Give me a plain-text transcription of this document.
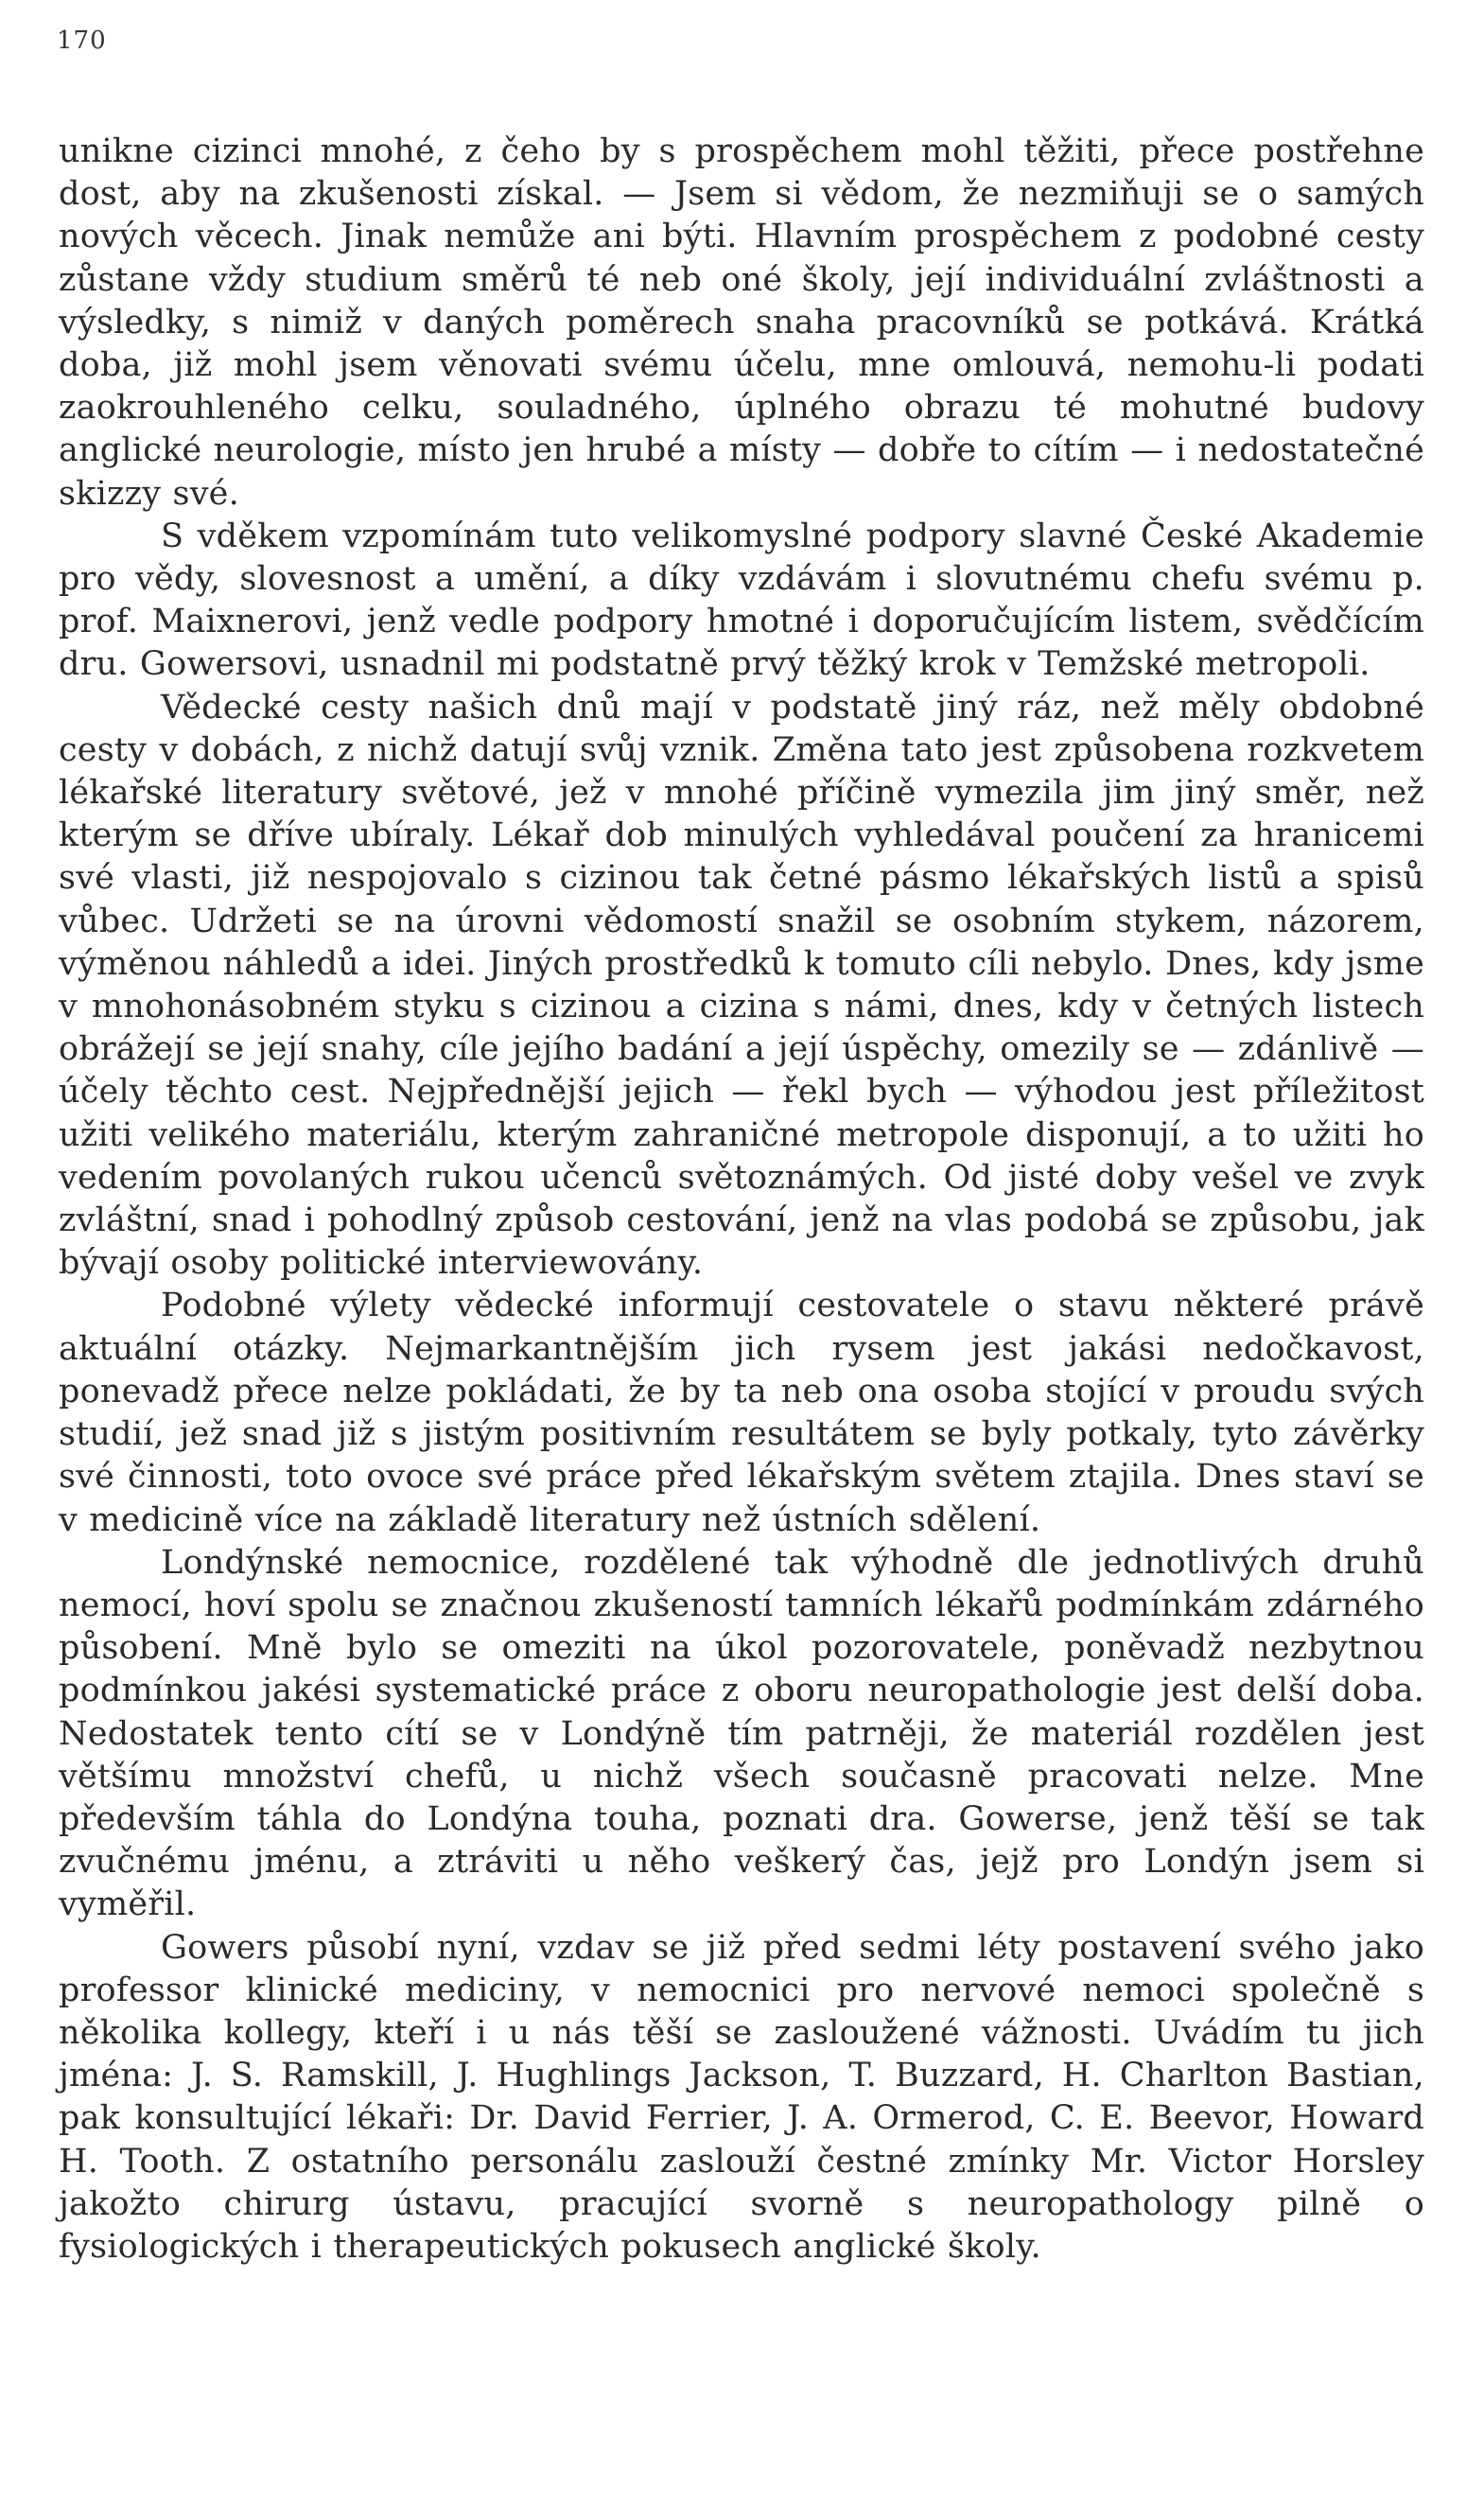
170

unikne cizinci mnohé, z čeho by s prospěchem mohl těžiti, přece postřehne dost, aby na zkušenosti získal. — Jsem si vědom, že nezmiňuji se o samých nových věcech. Jinak nemůže ani býti. Hlavním prospěchem z podobné cesty zůstane vždy studium směrů té neb oné školy, její individuální zvláštnosti a výsledky, s nimiž v daných poměrech snaha pracovníků se potkává. Krátká doba, již mohl jsem věnovati svému účelu, mne omlouvá, nemohu-li podati zaokrouhleného celku, souladného, úplného obrazu té mohutné budovy anglické neurologie, místo jen hrubé a místy — dobře to cítím — i nedostatečné skizzy své.

S vděkem vzpomínám tuto velikomyslné podpory slavné České Akademie pro vědy, slovesnost a umění, a díky vzdávám i slovutnému chefu svému p. prof. Maixnerovi, jenž vedle podpory hmotné i doporučujícím listem, svědčícím dru. Gowersovi, usnadnil mi podstatně prvý těžký krok v Temžské metropoli.

Vědecké cesty našich dnů mají v podstatě jiný ráz, než měly obdobné cesty v dobách, z nichž datují svůj vznik. Změna tato jest způsobena rozkvetem lékařské literatury světové, jež v mnohé příčině vymezila jim jiný směr, než kterým se dříve ubíraly. Lékař dob minulých vyhledával poučení za hranicemi své vlasti, již nespojovalo s cizinou tak četné pásmo lékařských listů a spisů vůbec. Udržeti se na úrovni vědomostí snažil se osobním stykem, názorem, výměnou náhledů a idei. Jiných prostředků k tomuto cíli nebylo. Dnes, kdy jsme v mnohonásobném styku s cizinou a cizina s námi, dnes, kdy v četných listech obrážejí se její snahy, cíle jejího badání a její úspěchy, omezily se — zdánlivě — účely těchto cest. Nejpřednější jejich — řekl bych — výhodou jest příležitost užiti velikého materiálu, kterým zahraničné metropole disponují, a to užiti ho vedením povolaných rukou učenců světoznámých. Od jisté doby vešel ve zvyk zvláštní, snad i pohodlný způsob cestování, jenž na vlas podobá se způsobu, jak bývají osoby politické interviewovány.

Podobné výlety vědecké informují cestovatele o stavu některé právě aktuální otázky. Nejmarkantnějším jich rysem jest jakási nedočkavost, ponevadž přece nelze pokládati, že by ta neb ona osoba stojící v proudu svých studií, jež snad již s jistým positivním resultátem se byly potkaly, tyto závěrky své činnosti, toto ovoce své práce před lékařským světem ztajila. Dnes staví se v medicině více na základě literatury než ústních sdělení.

Londýnské nemocnice, rozdělené tak výhodně dle jednotlivých druhů nemocí, hoví spolu se značnou zkušeností tamních lékařů podmínkám zdárného působení. Mně bylo se omeziti na úkol pozorovatele, poněvadž nezbytnou podmínkou jakési systematické práce z oboru neuropathologie jest delší doba. Nedostatek tento cítí se v Londýně tím patrněji, že materiál rozdělen jest většímu množství chefů, u nichž všech současně pracovati nelze. Mne především táhla do Londýna touha, poznati dra. Gowerse, jenž těší se tak zvučnému jménu, a ztráviti u něho veškerý čas, jejž pro Londýn jsem si vyměřil.

Gowers působí nyní, vzdav se již před sedmi léty postavení svého jako professor klinické mediciny, v nemocnici pro nervové nemoci společně s několika kollegy, kteří i u nás těší se zasloužené vážnosti. Uvádím tu jich jména: J. S. Ramskill, J. Hughlings Jackson, T. Buzzard, H. Charlton Bastian, pak konsultující lékaři: Dr. David Ferrier, J. A. Ormerod, C. E. Beevor, Howard H. Tooth. Z ostatního personálu zaslouží čestné zmínky Mr. Victor Horsley jakožto chirurg ústavu, pracující svorně s neuropathology pilně o fysiologických i therapeutických pokusech anglické školy.
